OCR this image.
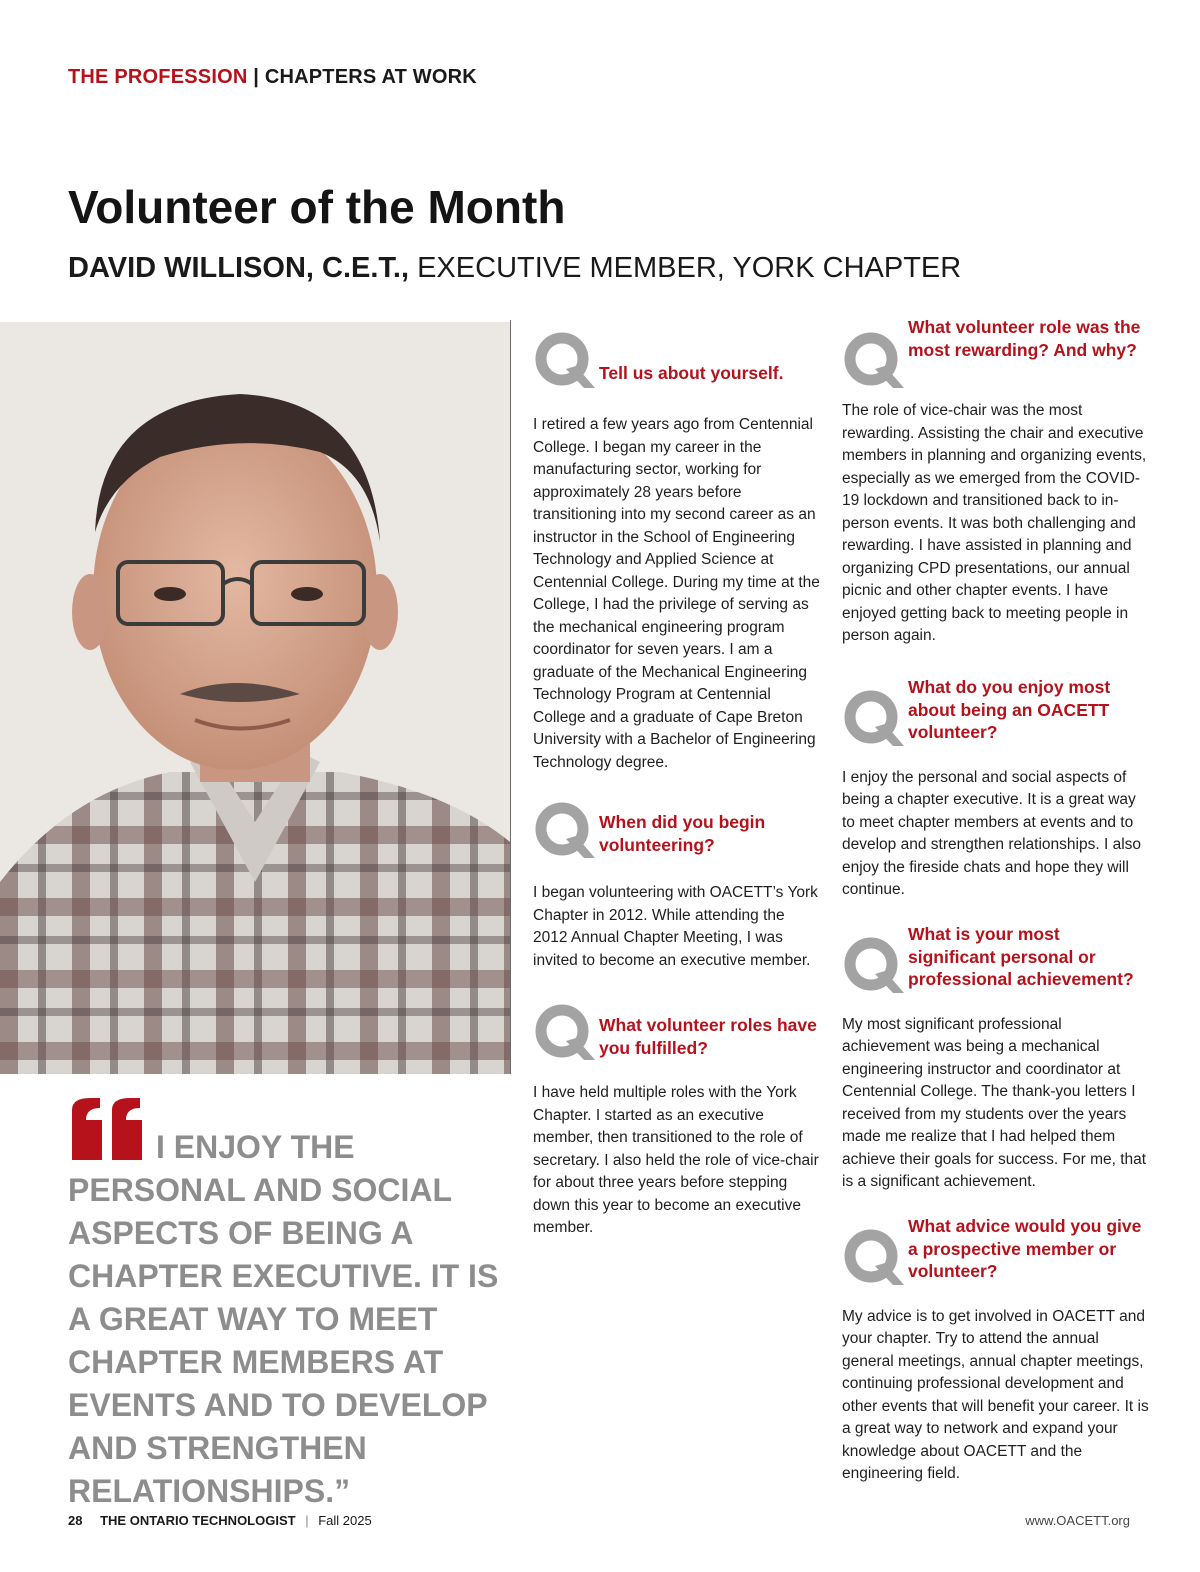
THE PROFESSION | CHAPTERS AT WORK
Volunteer of the Month
DAVID WILLISON, C.E.T., EXECUTIVE MEMBER, YORK CHAPTER
I ENJOY THE PERSONAL AND SOCIAL ASPECTS OF BEING A CHAPTER EXECUTIVE. IT IS A GREAT WAY TO MEET CHAPTER MEMBERS AT EVENTS AND TO DEVELOP AND STRENGTHEN RELATIONSHIPS.”
Tell us about yourself.

I retired a few years ago from Centennial College. I began my career in the manufacturing sector, working for approximately 28 years before transitioning into my second career as an instructor in the School of Engineering Technology and Applied Science at Centennial College. During my time at the College, I had the privilege of serving as the mechanical engineering program coordinator for seven years. I am a graduate of the Mechanical Engineering Technology Program at Centennial College and a graduate of Cape Breton University with a Bachelor of Engineering Technology degree.

When did you begin volunteering?

I began volunteering with OACETT’s York Chapter in 2012. While attending the 2012 Annual Chapter Meeting, I was invited to become an executive member.

What volunteer roles have you fulfilled?

I have held multiple roles with the York Chapter. I started as an executive member, then transitioned to the role of secretary. I also held the role of vice-chair for about three years before stepping down this year to become an executive member.

What volunteer role was the most rewarding? And why?

The role of vice-chair was the most rewarding. Assisting the chair and executive members in planning and organizing events, especially as we emerged from the COVID-19 lockdown and transitioned back to in-person events. It was both challenging and rewarding. I have assisted in planning and organizing CPD presentations, our annual picnic and other chapter events. I have enjoyed getting back to meeting people in person again.

What do you enjoy most about being an OACETT volunteer?

I enjoy the personal and social aspects of being a chapter executive. It is a great way to meet chapter members at events and to develop and strengthen relationships. I also enjoy the fireside chats and hope they will continue.

What is your most significant personal or professional achievement?

My most significant professional achievement was being a mechanical engineering instructor and coordinator at Centennial College. The thank-you letters I received from my students over the years made me realize that I had helped them achieve their goals for success. For me, that is a significant achievement.

What advice would you give a prospective member or volunteer?

My advice is to get involved in OACETT and your chapter. Try to attend the annual general meetings, annual chapter meetings, continuing professional development and other events that will benefit your career. It is a great way to network and expand your knowledge about OACETT and the engineering field.

28 THE ONTARIO TECHNOLOGIST | Fall 2025	www.OACETT.org
